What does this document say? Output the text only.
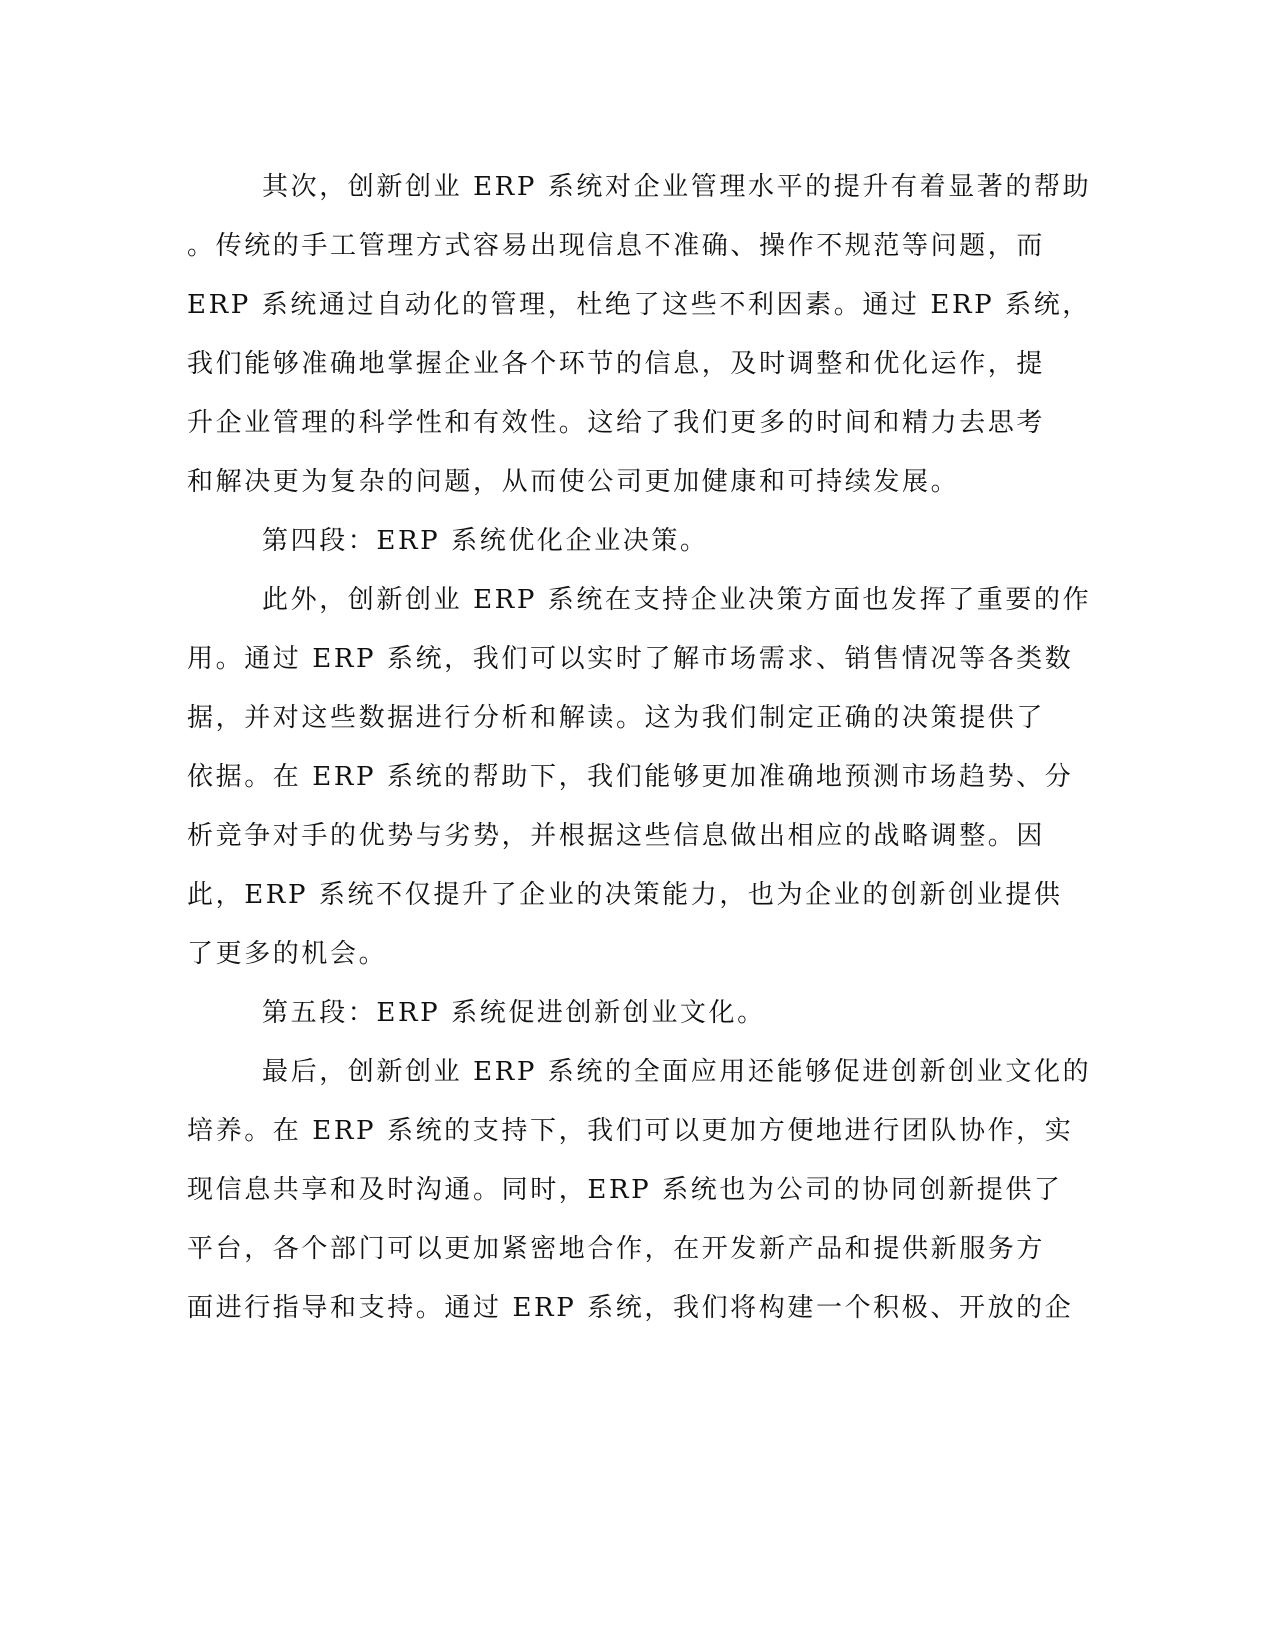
其次，创新创业 ERP 系统对企业管理水平的提升有着显著的帮助
。传统的手工管理方式容易出现信息不准确、操作不规范等问题，而
ERP 系统通过自动化的管理，杜绝了这些不利因素。通过 ERP 系统，
我们能够准确地掌握企业各个环节的信息，及时调整和优化运作，提
升企业管理的科学性和有效性。这给了我们更多的时间和精力去思考
和解决更为复杂的问题，从而使公司更加健康和可持续发展。
第四段：ERP 系统优化企业决策。
此外，创新创业 ERP 系统在支持企业决策方面也发挥了重要的作
用。通过 ERP 系统，我们可以实时了解市场需求、销售情况等各类数
据，并对这些数据进行分析和解读。这为我们制定正确的决策提供了
依据。在 ERP 系统的帮助下，我们能够更加准确地预测市场趋势、分
析竞争对手的优势与劣势，并根据这些信息做出相应的战略调整。因
此，ERP 系统不仅提升了企业的决策能力，也为企业的创新创业提供
了更多的机会。
第五段：ERP 系统促进创新创业文化。
最后，创新创业 ERP 系统的全面应用还能够促进创新创业文化的
培养。在 ERP 系统的支持下，我们可以更加方便地进行团队协作，实
现信息共享和及时沟通。同时，ERP 系统也为公司的协同创新提供了
平台，各个部门可以更加紧密地合作，在开发新产品和提供新服务方
面进行指导和支持。通过 ERP 系统，我们将构建一个积极、开放的企
